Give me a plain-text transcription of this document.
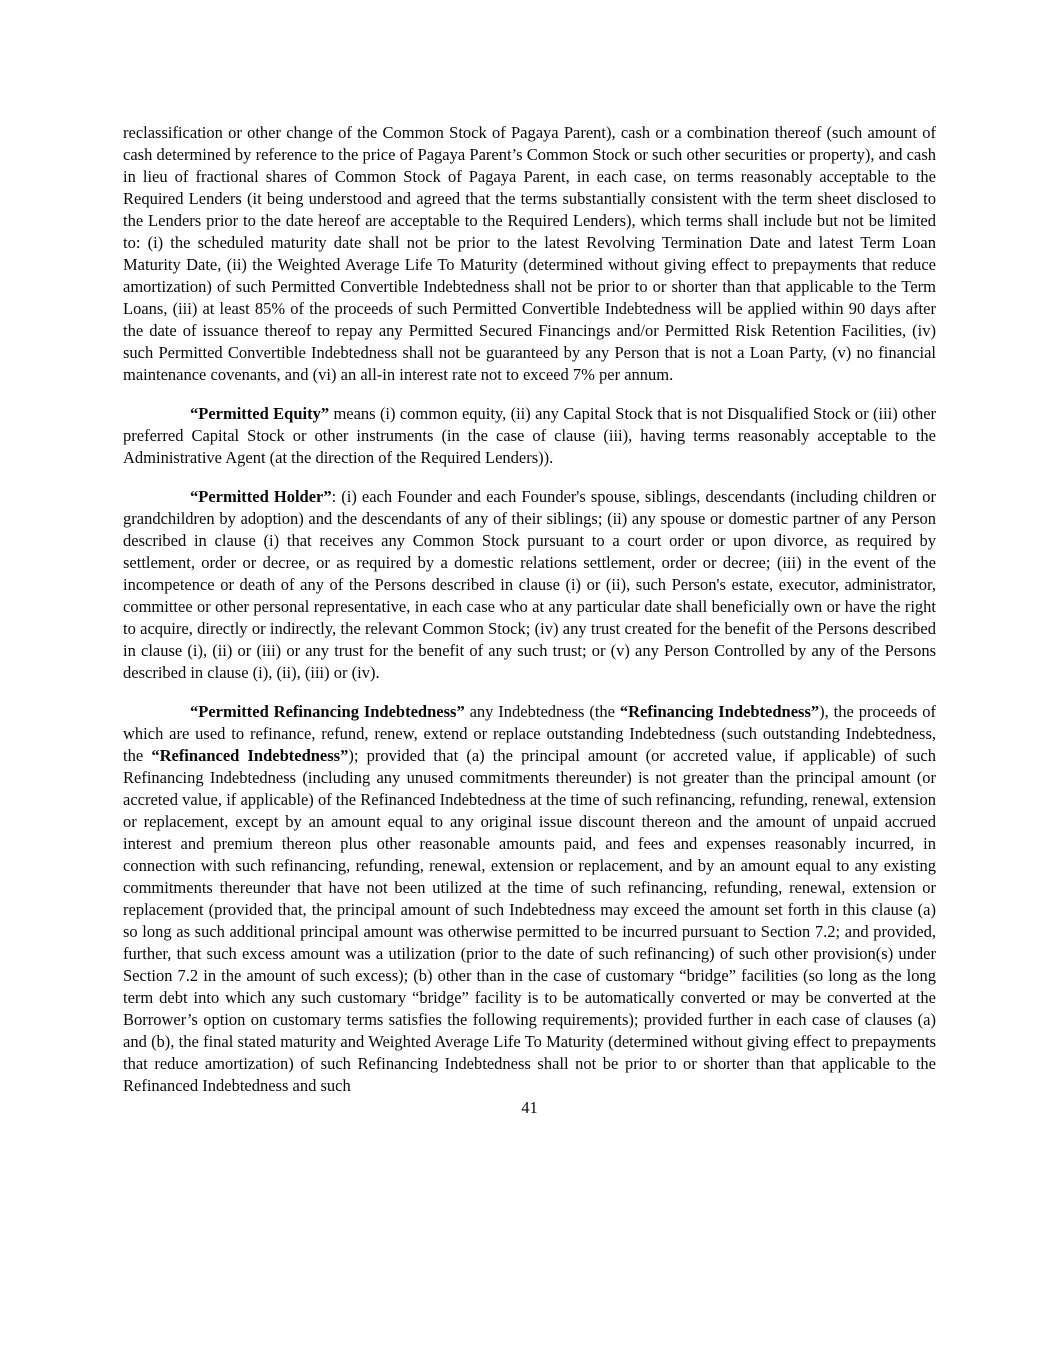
reclassification or other change of the Common Stock of Pagaya Parent), cash or a combination thereof (such amount of cash determined by reference to the price of Pagaya Parent’s Common Stock or such other securities or property), and cash in lieu of fractional shares of Common Stock of Pagaya Parent, in each case, on terms reasonably acceptable to the Required Lenders (it being understood and agreed that the terms substantially consistent with the term sheet disclosed to the Lenders prior to the date hereof are acceptable to the Required Lenders), which terms shall include but not be limited to: (i) the scheduled maturity date shall not be prior to the latest Revolving Termination Date and latest Term Loan Maturity Date, (ii) the Weighted Average Life To Maturity (determined without giving effect to prepayments that reduce amortization) of such Permitted Convertible Indebtedness shall not be prior to or shorter than that applicable to the Term Loans, (iii) at least 85% of the proceeds of such Permitted Convertible Indebtedness will be applied within 90 days after the date of issuance thereof to repay any Permitted Secured Financings and/or Permitted Risk Retention Facilities, (iv) such Permitted Convertible Indebtedness shall not be guaranteed by any Person that is not a Loan Party, (v) no financial maintenance covenants, and (vi) an all-in interest rate not to exceed 7% per annum.

“Permitted Equity” means (i) common equity, (ii) any Capital Stock that is not Disqualified Stock or (iii) other preferred Capital Stock or other instruments (in the case of clause (iii), having terms reasonably acceptable to the Administrative Agent (at the direction of the Required Lenders)).

“Permitted Holder”: (i) each Founder and each Founder's spouse, siblings, descendants (including children or grandchildren by adoption) and the descendants of any of their siblings; (ii) any spouse or domestic partner of any Person described in clause (i) that receives any Common Stock pursuant to a court order or upon divorce, as required by settlement, order or decree, or as required by a domestic relations settlement, order or decree; (iii) in the event of the incompetence or death of any of the Persons described in clause (i) or (ii), such Person's estate, executor, administrator, committee or other personal representative, in each case who at any particular date shall beneficially own or have the right to acquire, directly or indirectly, the relevant Common Stock; (iv) any trust created for the benefit of the Persons described in clause (i), (ii) or (iii) or any trust for the benefit of any such trust; or (v) any Person Controlled by any of the Persons described in clause (i), (ii), (iii) or (iv).

“Permitted Refinancing Indebtedness” any Indebtedness (the “Refinancing Indebtedness”), the proceeds of which are used to refinance, refund, renew, extend or replace outstanding Indebtedness (such outstanding Indebtedness, the “Refinanced Indebtedness”); provided that (a) the principal amount (or accreted value, if applicable) of such Refinancing Indebtedness (including any unused commitments thereunder) is not greater than the principal amount (or accreted value, if applicable) of the Refinanced Indebtedness at the time of such refinancing, refunding, renewal, extension or replacement, except by an amount equal to any original issue discount thereon and the amount of unpaid accrued interest and premium thereon plus other reasonable amounts paid, and fees and expenses reasonably incurred, in connection with such refinancing, refunding, renewal, extension or replacement, and by an amount equal to any existing commitments thereunder that have not been utilized at the time of such refinancing, refunding, renewal, extension or replacement (provided that, the principal amount of such Indebtedness may exceed the amount set forth in this clause (a) so long as such additional principal amount was otherwise permitted to be incurred pursuant to Section 7.2; and provided, further, that such excess amount was a utilization (prior to the date of such refinancing) of such other provision(s) under Section 7.2 in the amount of such excess); (b) other than in the case of customary “bridge” facilities (so long as the long term debt into which any such customary “bridge” facility is to be automatically converted or may be converted at the Borrower’s option on customary terms satisfies the following requirements); provided further in each case of clauses (a) and (b), the final stated maturity and Weighted Average Life To Maturity (determined without giving effect to prepayments that reduce amortization) of such Refinancing Indebtedness shall not be prior to or shorter than that applicable to the Refinanced Indebtedness and such

41
